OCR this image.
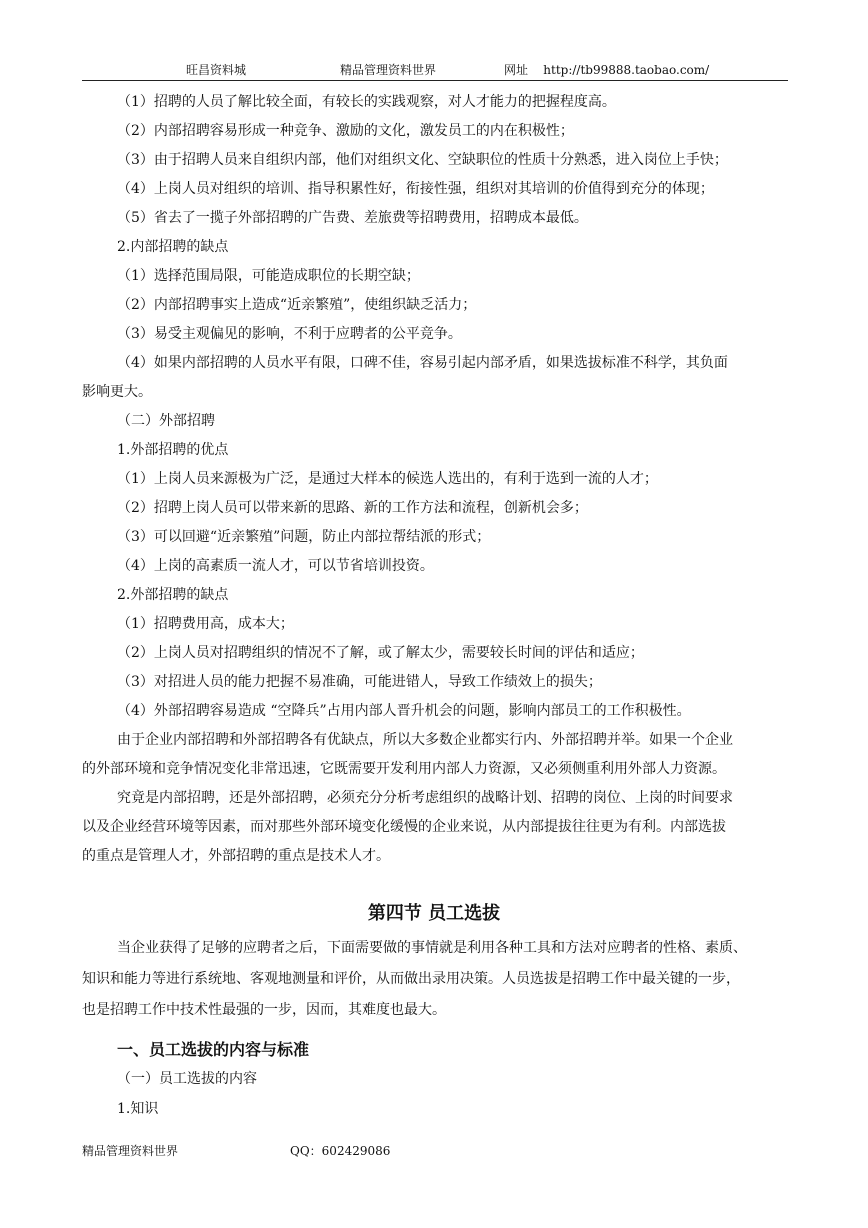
旺昌资料城	精品管理资料世界	网址 http://tb99888.taobao.com/
（1）招聘的人员了解比较全面，有较长的实践观察，对人才能力的把握程度高。
（2）内部招聘容易形成一种竞争、激励的文化，激发员工的内在积极性；
（3）由于招聘人员来自组织内部，他们对组织文化、空缺职位的性质十分熟悉，进入岗位上手快；
（4）上岗人员对组织的培训、指导积累性好，衔接性强，组织对其培训的价值得到充分的体现；
（5）省去了一揽子外部招聘的广告费、差旅费等招聘费用，招聘成本最低。
2.内部招聘的缺点
（1）选择范围局限，可能造成职位的长期空缺；
（2）内部招聘事实上造成“近亲繁殖”，使组织缺乏活力；
（3）易受主观偏见的影响，不利于应聘者的公平竞争。
（4）如果内部招聘的人员水平有限，口碑不佳，容易引起内部矛盾，如果选拔标准不科学，其负面
影响更大。
（二）外部招聘
1.外部招聘的优点
（1）上岗人员来源极为广泛，是通过大样本的候选人选出的，有利于选到一流的人才；
（2）招聘上岗人员可以带来新的思路、新的工作方法和流程，创新机会多；
（3）可以回避“近亲繁殖”问题，防止内部拉帮结派的形式；
（4）上岗的高素质一流人才，可以节省培训投资。
2.外部招聘的缺点
（1）招聘费用高，成本大；
（2）上岗人员对招聘组织的情况不了解，或了解太少，需要较长时间的评估和适应；
（3）对招进人员的能力把握不易准确，可能进错人，导致工作绩效上的损失；
（4）外部招聘容易造成 “空降兵”占用内部人晋升机会的问题，影响内部员工的工作积极性。
由于企业内部招聘和外部招聘各有优缺点，所以大多数企业都实行内、外部招聘并举。如果一个企业
的外部环境和竞争情况变化非常迅速，它既需要开发利用内部人力资源，又必须侧重利用外部人力资源。
究竟是内部招聘，还是外部招聘，必须充分分析考虑组织的战略计划、招聘的岗位、上岗的时间要求
以及企业经营环境等因素，而对那些外部环境变化缓慢的企业来说，从内部提拔往往更为有利。内部选拔
的重点是管理人才，外部招聘的重点是技术人才。
第四节 员工选拔
当企业获得了足够的应聘者之后，下面需要做的事情就是利用各种工具和方法对应聘者的性格、素质、
知识和能力等进行系统地、客观地测量和评价，从而做出录用决策。人员选拔是招聘工作中最关键的一步，
也是招聘工作中技术性最强的一步，因而，其难度也最大。
一、员工选拔的内容与标准
（一）员工选拔的内容
1.知识
精品管理资料世界	QQ：602429086
